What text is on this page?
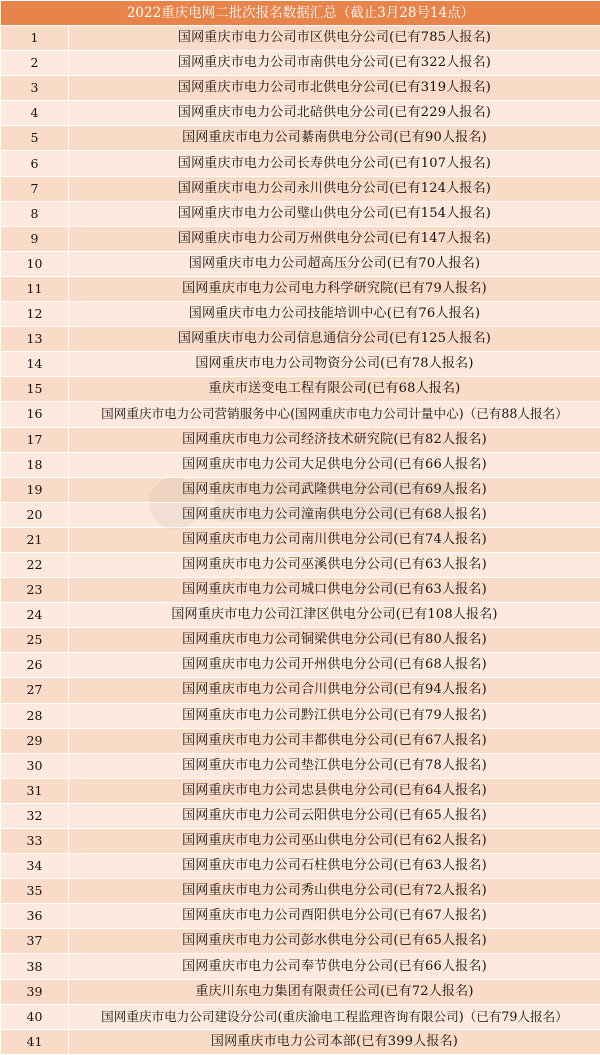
2022重庆电网二批次报名数据汇总（截止3月28号14点）	
1	国网重庆市电力公司市区供电分公司(已有785人报名)
2	国网重庆市电力公司市南供电分公司(已有322人报名)
3	国网重庆市电力公司市北供电分公司(已有319人报名)
4	国网重庆市电力公司北碚供电分公司(已有229人报名)
5	国网重庆市电力公司綦南供电分公司(已有90人报名)
6	国网重庆市电力公司长寿供电分公司(已有107人报名)
7	国网重庆市电力公司永川供电分公司(已有124人报名)
8	国网重庆市电力公司璧山供电分公司(已有154人报名)
9	国网重庆市电力公司万州供电分公司(已有147人报名)
10	国网重庆市电力公司超高压分公司(已有70人报名)
11	国网重庆市电力公司电力科学研究院(已有79人报名)
12	国网重庆市电力公司技能培训中心(已有76人报名)
13	国网重庆市电力公司信息通信分公司(已有125人报名)
14	国网重庆市电力公司物资分公司(已有78人报名)
15	重庆市送变电工程有限公司(已有68人报名)
16	国网重庆市电力公司营销服务中心(国网重庆市电力公司计量中心)（已有88人报名）
17	国网重庆市电力公司经济技术研究院(已有82人报名)
18	国网重庆市电力公司大足供电分公司(已有66人报名)
19	国网重庆市电力公司武隆供电分公司(已有69人报名)
20	国网重庆市电力公司潼南供电分公司(已有68人报名)
21	国网重庆市电力公司南川供电分公司(已有74人报名)
22	国网重庆市电力公司巫溪供电分公司(已有63人报名)
23	国网重庆市电力公司城口供电分公司(已有63人报名)
24	国网重庆市电力公司江津区供电分公司(已有108人报名)
25	国网重庆市电力公司铜梁供电分公司(已有80人报名)
26	国网重庆市电力公司开州供电分公司(已有68人报名)
27	国网重庆市电力公司合川供电分公司(已有94人报名)
28	国网重庆市电力公司黔江供电分公司(已有79人报名)
29	国网重庆市电力公司丰都供电分公司(已有67人报名)
30	国网重庆市电力公司垫江供电分公司(已有78人报名)
31	国网重庆市电力公司忠县供电分公司(已有64人报名)
32	国网重庆市电力公司云阳供电分公司(已有65人报名)
33	国网重庆市电力公司巫山供电分公司(已有62人报名)
34	国网重庆市电力公司石柱供电分公司(已有63人报名)
35	国网重庆市电力公司秀山供电分公司(已有72人报名)
36	国网重庆市电力公司酉阳供电分公司(已有67人报名)
37	国网重庆市电力公司彭水供电分公司(已有65人报名)
38	国网重庆市电力公司奉节供电分公司(已有66人报名)
39	重庆川东电力集团有限责任公司(已有72人报名)
40	国网重庆市电力公司建设分公司(重庆渝电工程监理咨询有限公司)（已有79人报名）
41	国网重庆市电力公司本部(已有399人报名)
